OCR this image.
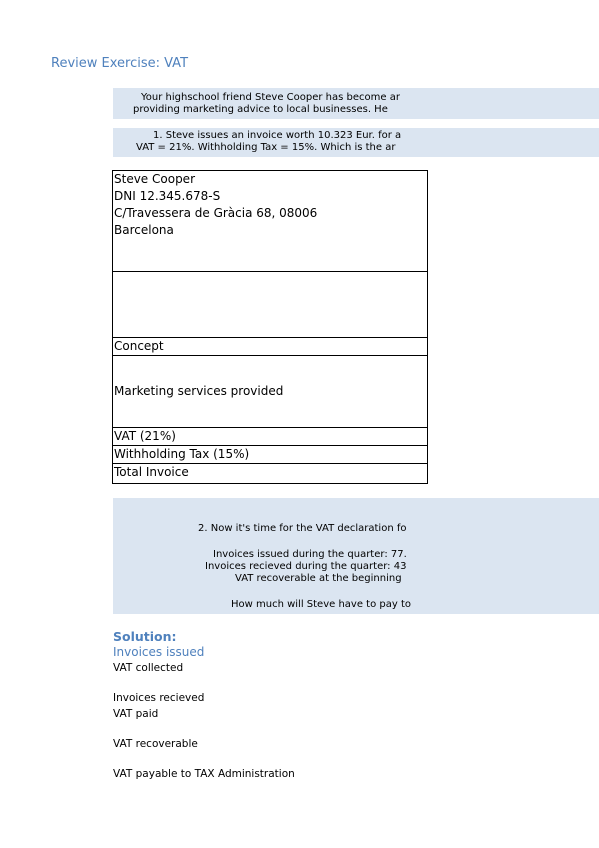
Review Exercise: VAT
Your highschool friend Steve Cooper has become ar
providing marketing advice to local businesses. He
1. Steve issues an invoice worth 10.323 Eur. for a
VAT = 21%. Withholding Tax = 15%. Which is the ar
Steve Cooper
DNI 12.345.678-S
C/Travessera de Gràcia 68, 08006
Barcelona
Concept
Marketing services provided
VAT (21%)
Withholding Tax (15%)
Total Invoice
2. Now it's time for the VAT declaration fo
Invoices issued during the quarter: 77.
Invoices recieved during the quarter: 43
VAT recoverable at the beginning
How much will Steve have to pay to
Solution:
Invoices issued
VAT collected
Invoices recieved
VAT paid
VAT recoverable
VAT payable to TAX Administration
